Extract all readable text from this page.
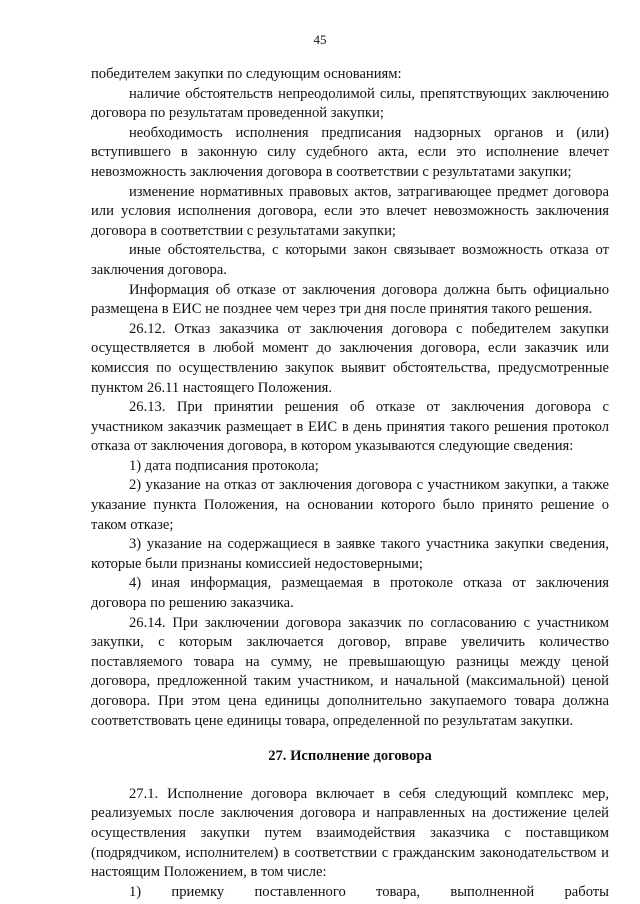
45

победителем закупки по следующим основаниям:

наличие обстоятельств непреодолимой силы, препятствующих заключению договора по результатам проведенной закупки;

необходимость исполнения предписания надзорных органов и (или) вступившего в законную силу судебного акта, если это исполнение влечет невозможность заключения договора в соответствии с результатами закупки;

изменение нормативных правовых актов, затрагивающее предмет договора или условия исполнения договора, если это влечет невозможность заключения договора в соответствии с результатами закупки;

иные обстоятельства, с которыми закон связывает возможность отказа от заключения договора.

Информация об отказе от заключения договора должна быть официально размещена в ЕИС не позднее чем через три дня после принятия такого решения.

26.12. Отказ заказчика от заключения договора с победителем закупки осуществляется в любой момент до заключения договора, если заказчик или комиссия по осуществлению закупок выявит обстоятельства, предусмотренные пунктом 26.11 настоящего Положения.

26.13. При принятии решения об отказе от заключения договора с участником заказчик размещает в ЕИС в день принятия такого решения протокол отказа от заключения договора, в котором указываются следующие сведения:

1) дата подписания протокола;

2) указание на отказ от заключения договора с участником закупки, а также указание пункта Положения, на основании которого было принято решение о таком отказе;

3) указание на содержащиеся в заявке такого участника закупки сведения, которые были признаны комиссией недостоверными;

4) иная информация, размещаемая в протоколе отказа от заключения договора по решению заказчика.

26.14. При заключении договора заказчик по согласованию с участником закупки, с которым заключается договор, вправе увеличить количество поставляемого товара на сумму, не превышающую разницы между ценой договора, предложенной таким участником, и начальной (максимальной) ценой договора. При этом цена единицы дополнительно закупаемого товара должна соответствовать цене единицы товара, определенной по результатам закупки.

27. Исполнение договора

27.1. Исполнение договора включает в себя следующий комплекс мер, реализуемых после заключения договора и направленных на достижение целей осуществления закупки путем взаимодействия заказчика с поставщиком (подрядчиком, исполнителем) в соответствии с гражданским законодательством и настоящим Положением, в том числе:

1) приемку поставленного товара, выполненной работы
